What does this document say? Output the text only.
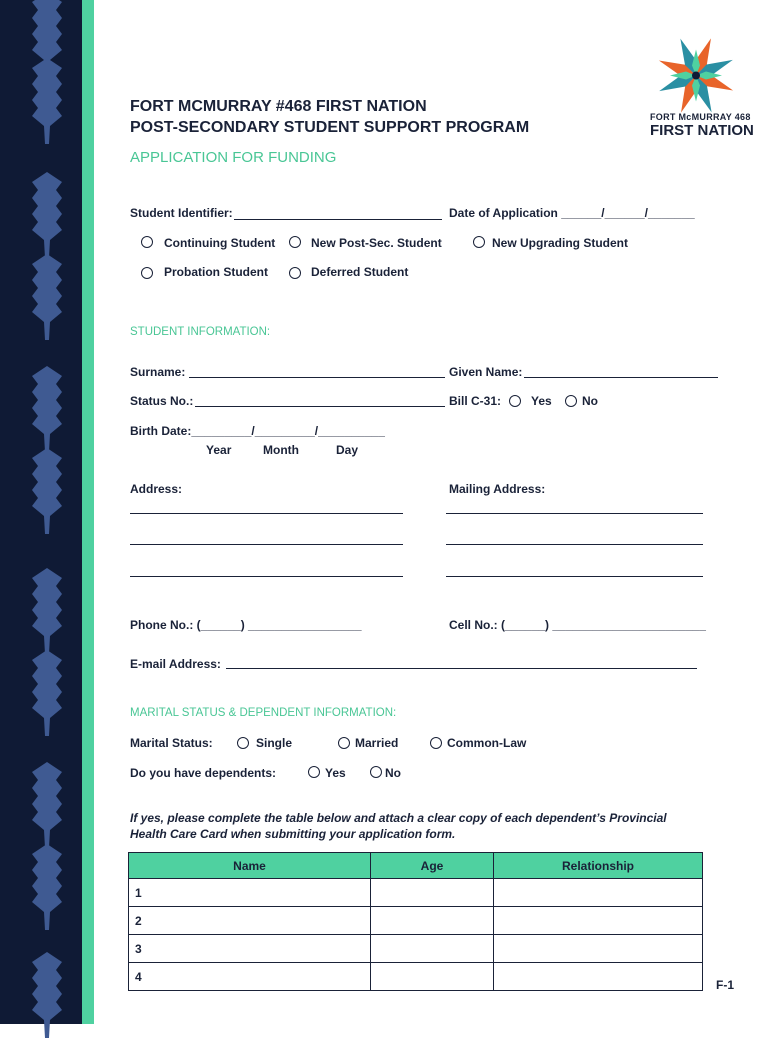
FORT McMURRAY 468
FIRST NATION
FORT MCMURRAY #468 FIRST NATION
POST-SECONDARY STUDENT SUPPORT PROGRAM
APPLICATION FOR FUNDING
Student Identifier:	Date of Application ______/______/_______
Continuing Student	New Post-Sec. Student	New Upgrading Student
Probation Student	Deferred Student
STUDENT INFORMATION:
Surname:	Given Name:
Status No.:	Bill C-31: Yes	No
Birth Date:_________/_________/__________
Year	Month	Day
Address:	Mailing Address:
Phone No.: (______) _________________	Cell No.: (______) _______________________
E-mail Address:
MARITAL STATUS & DEPENDENT INFORMATION:
Marital Status:	Single	Married	Common-Law
Do you have dependents:	Yes	No
If yes, please complete the table below and attach a clear copy of each dependent’s Provincial
Health Care Card when submitting your application form.
Name	Age	Relationship
1		
2		
3		
4		
F-1
